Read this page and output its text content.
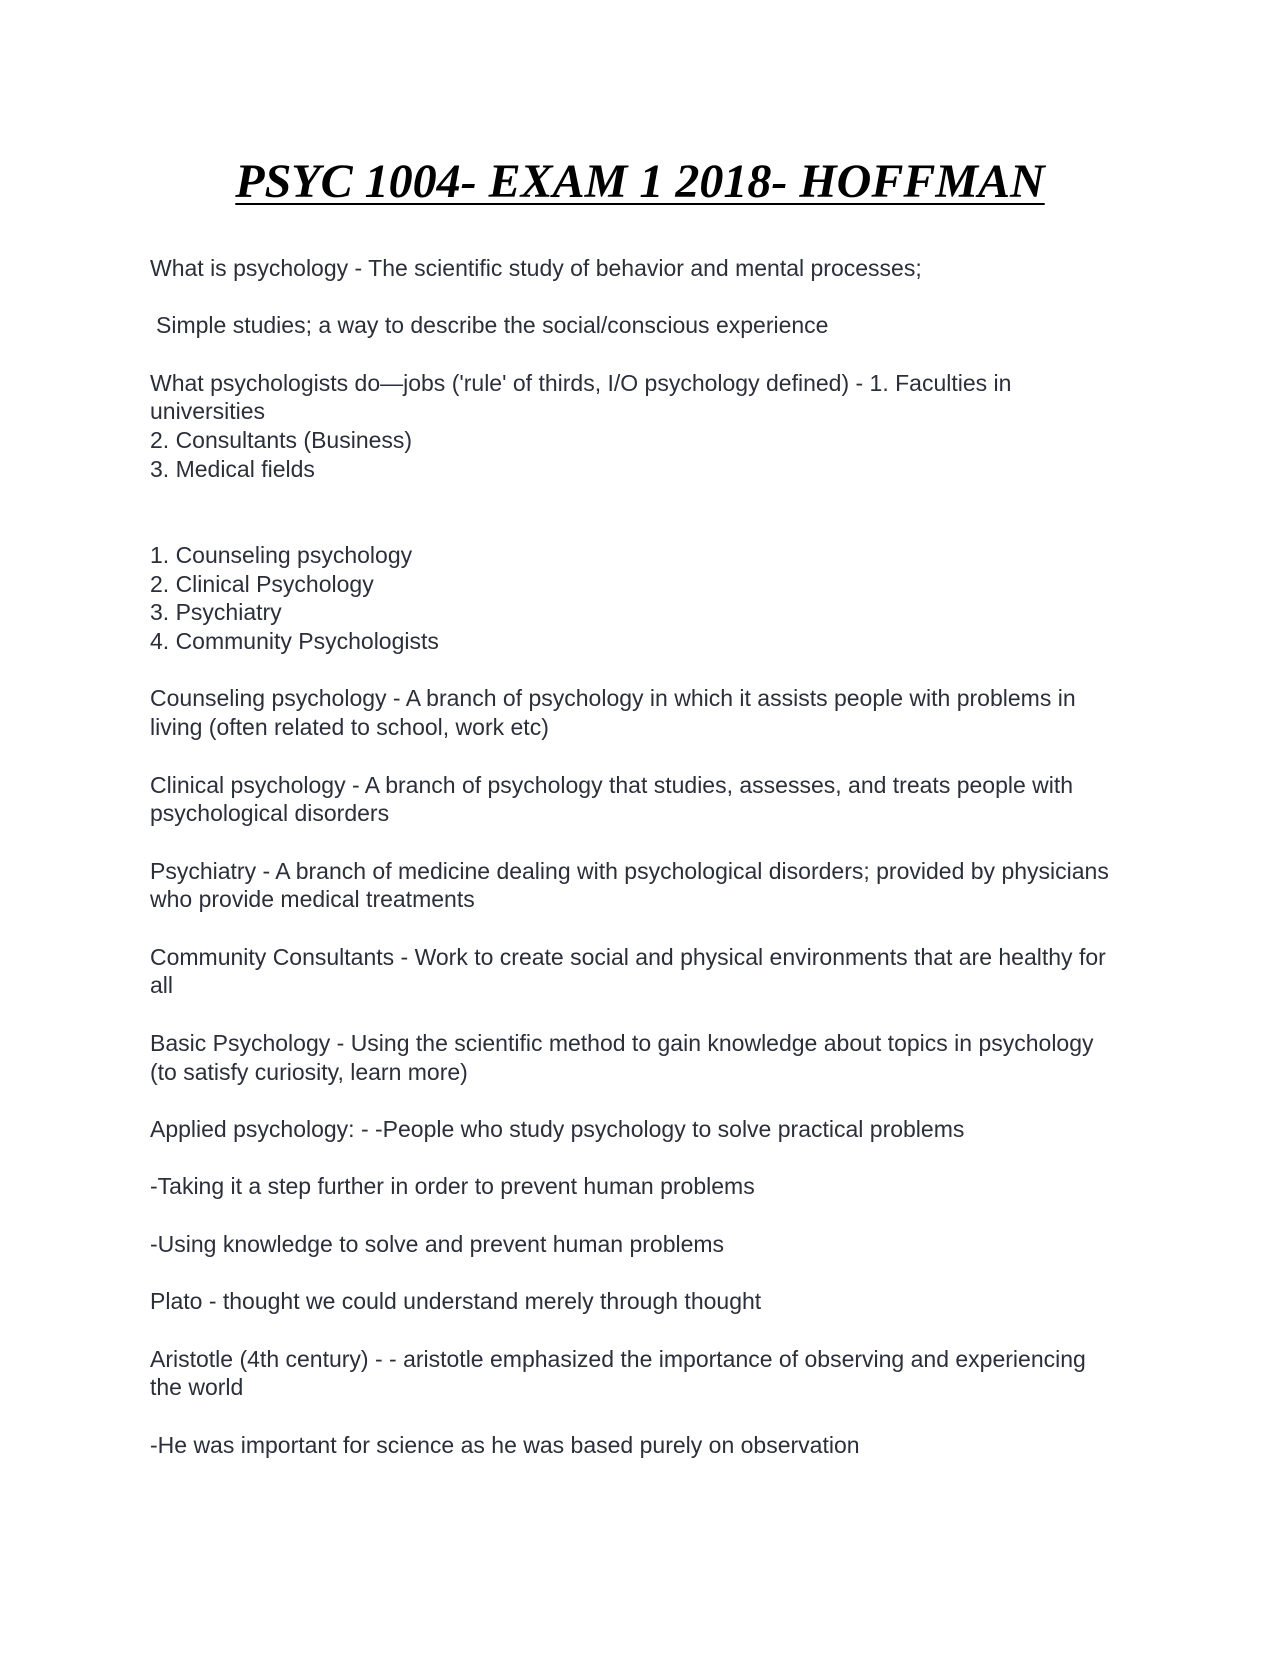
PSYC 1004- EXAM 1 2018- HOFFMAN

What is psychology - The scientific study of behavior and mental processes;

Simple studies; a way to describe the social/conscious experience

What psychologists do—jobs ('rule' of thirds, I/O psychology defined) - 1. Faculties in universities

2. Consultants (Business)

3. Medical fields

1. Counseling psychology

2. Clinical Psychology

3. Psychiatry

4. Community Psychologists

Counseling psychology - A branch of psychology in which it assists people with problems in living (often related to school, work etc)

Clinical psychology - A branch of psychology that studies, assesses, and treats people with psychological disorders

Psychiatry - A branch of medicine dealing with psychological disorders; provided by physicians who provide medical treatments

Community Consultants - Work to create social and physical environments that are healthy for all

Basic Psychology - Using the scientific method to gain knowledge about topics in psychology (to satisfy curiosity, learn more)

Applied psychology: - -People who study psychology to solve practical problems

-Taking it a step further in order to prevent human problems

-Using knowledge to solve and prevent human problems

Plato - thought we could understand merely through thought

Aristotle (4th century) - - aristotle emphasized the importance of observing and experiencing the world

-He was important for science as he was based purely on observation
